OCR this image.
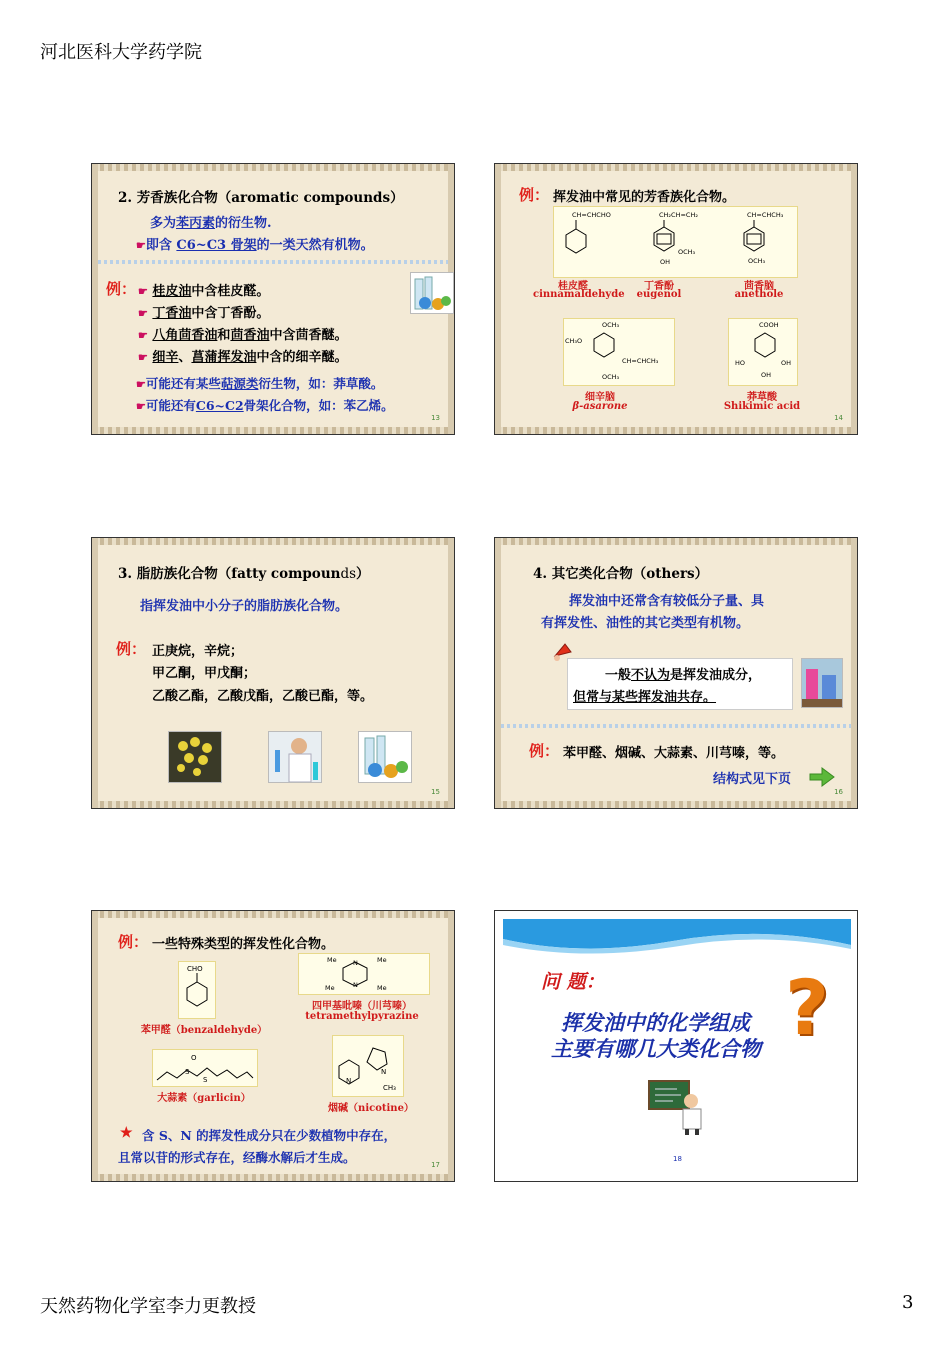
河北医科大学药学院
2. 芳香族化合物（aromatic compounds）
多为苯丙素的衍生物.
☛即含 C6~C3 骨架的一类天然有机物。
例： ☛ 桂皮油中含桂皮醛。
☛ 丁香油中含丁香酚。
☛ 八角茴香油和茴香油中含茴香醚。
☛ 细辛、菖蒲挥发油中含的细辛醚。
☛可能还有某些萜源类衍生物，如：莽草酸。
☛可能还有C6~C2骨架化合物，如：苯乙烯。
13
例： 挥发油中常见的芳香族化合物。
CH=CHCHO	CH₂CH=CH₂
OCH₃
OH
CH=CHCH₃
OCH₃
桂皮醛
cinnamaldehyde
丁香酚
eugenol
茴香脑
anethole
OCH₃
CH₃O
CH=CHCH₃
OCH₃
COOH
HO	OH
OH
细辛脑
β-asarone
莽草酸
Shikimic acid
14
3. 脂肪族化合物（fatty compounds）
指挥发油中小分子的脂肪族化合物。
例： 正庚烷，辛烷；
甲乙酮，甲戊酮；
乙酸乙酯，乙酸戊酯，乙酸已酯，等。
15
4. 其它类化合物（others）
挥发油中还常含有较低分子量、具
有挥发性、油性的其它类型有机物。
一般不认为是挥发油成分，
但常与某些挥发油共存。
例： 苯甲醛、烟碱、大蒜素、川芎嗪，等。
结构式见下页
16
例： 一些特殊类型的挥发性化合物。
CHO
苯甲醛（benzaldehyde）
Me	Me
Me	Me
N
N
四甲基吡嗪（川芎嗪）
tetramethylpyrazine
O
S
S
大蒜素（garlicin）
N
N
CH₃
烟碱（nicotine）
★ 含 S、N 的挥发性成分只在少数植物中存在，
且常以苷的形式存在，经酶水解后才生成。	17
问 题：
挥发油中的化学组成
主要有哪几大类化合物 ?
18
天然药物化学室李力更教授	3
